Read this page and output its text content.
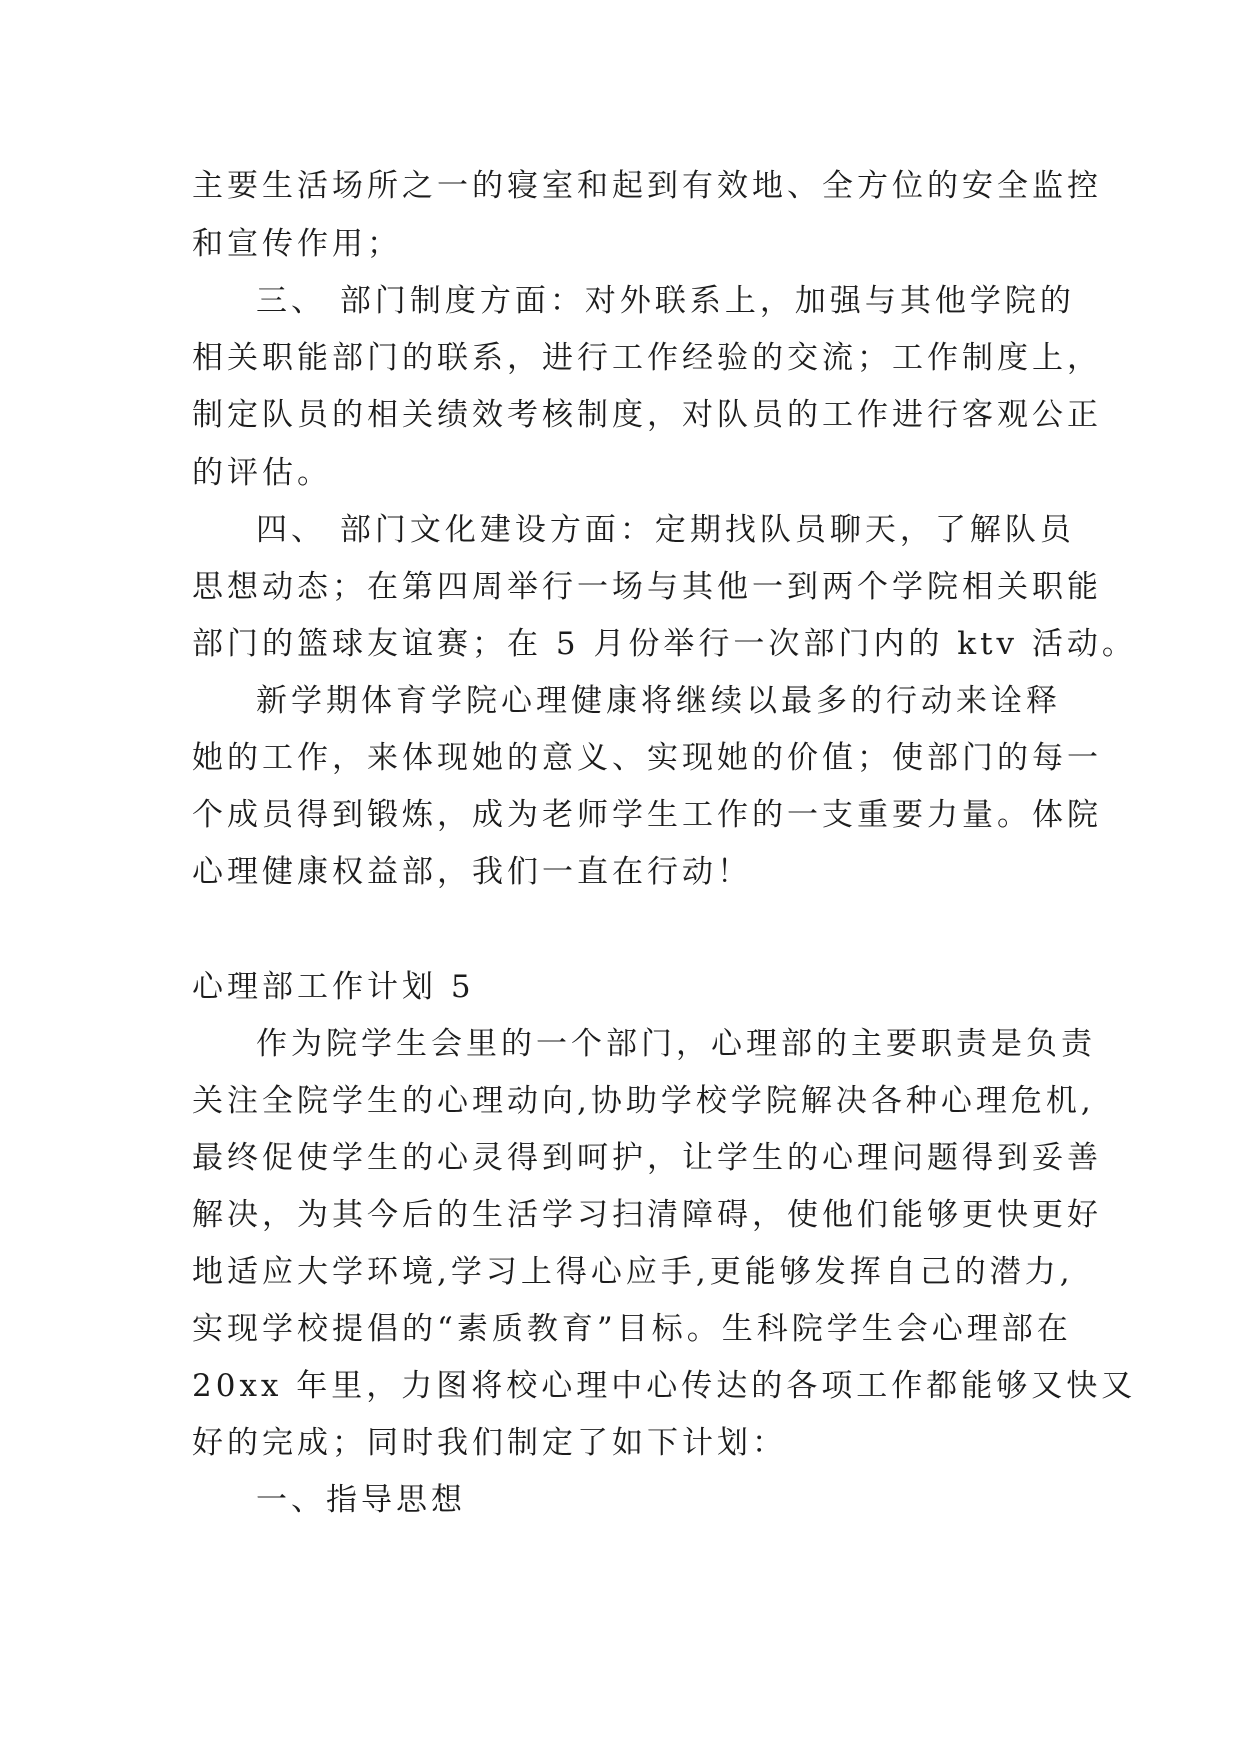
主要生活场所之一的寝室和起到有效地、全方位的安全监控
和宣传作用；
三、 部门制度方面：对外联系上，加强与其他学院的
相关职能部门的联系，进行工作经验的交流；工作制度上，
制定队员的相关绩效考核制度，对队员的工作进行客观公正
的评估。
四、 部门文化建设方面：定期找队员聊天，了解队员
思想动态；在第四周举行一场与其他一到两个学院相关职能
部门的篮球友谊赛；在 5 月份举行一次部门内的 ktv 活动。
新学期体育学院心理健康将继续以最多的行动来诠释
她的工作，来体现她的意义、实现她的价值；使部门的每一
个成员得到锻炼，成为老师学生工作的一支重要力量。体院
心理健康权益部，我们一直在行动！
心理部工作计划 5
作为院学生会里的一个部门，心理部的主要职责是负责
关注全院学生的心理动向,协助学校学院解决各种心理危机,
最终促使学生的心灵得到呵护，让学生的心理问题得到妥善
解决，为其今后的生活学习扫清障碍，使他们能够更快更好
地适应大学环境,学习上得心应手,更能够发挥自己的潜力,
实现学校提倡的“素质教育”目标。生科院学生会心理部在
20xx 年里，力图将校心理中心传达的各项工作都能够又快又
好的完成；同时我们制定了如下计划：
一、指导思想
